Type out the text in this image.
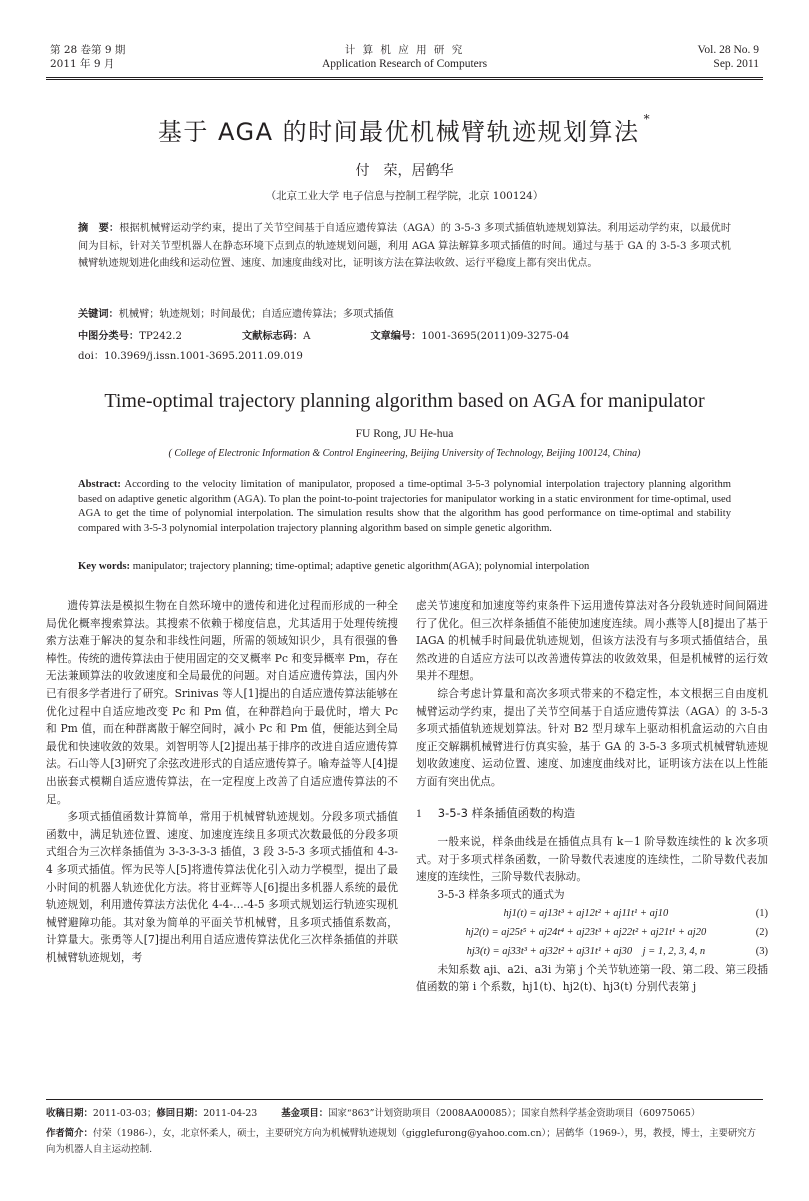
第 28 卷第 9 期
2011 年 9 月
计 算 机 应 用 研 究
Application Research of Computers
Vol. 28 No. 9
Sep. 2011
基于 AGA 的时间最优机械臂轨迹规划算法 *
付　荣，居鹤华
（北京工业大学 电子信息与控制工程学院，北京 100124）
摘　要：根据机械臂运动学约束，提出了关节空间基于自适应遗传算法（AGA）的 3-5-3 多项式插值轨迹规划算法。利用运动学约束，以最优时间为目标，针对关节型机器人在静态环境下点到点的轨迹规划问题，利用 AGA 算法解算多项式插值的时间。通过与基于 GA 的 3-5-3 多项式机械臂轨迹规划进化曲线和运动位置、速度、加速度曲线对比，证明该方法在算法收敛、运行平稳度上都有突出优点。
关键词：机械臂；轨迹规划；时间最优；自适应遗传算法；多项式插值
中图分类号：TP242.2	文献标志码：A	文章编号：1001-3695(2011)09-3275-04
doi：10.3969/j.issn.1001-3695.2011.09.019
Time-optimal trajectory planning algorithm based on AGA for manipulator
FU Rong, JU He-hua
( College of Electronic Information & Control Engineering, Beijing University of Technology, Beijing 100124, China)
Abstract: According to the velocity limitation of manipulator, proposed a time-optimal 3-5-3 polynomial interpolation trajectory planning algorithm based on adaptive genetic algorithm (AGA). To plan the point-to-point trajectories for manipulator working in a static environment for time-optimal, used AGA to get the time of polynomial interpolation. The simulation results show that the algorithm has good performance on time-optimal and stability compared with 3-5-3 polynomial interpolation trajectory planning algorithm based on simple genetic algorithm.
Key words: manipulator; trajectory planning; time-optimal; adaptive genetic algorithm(AGA); polynomial interpolation

遗传算法是模拟生物在自然环境中的遗传和进化过程而形成的一种全局优化概率搜索算法。其搜索不依赖于梯度信息，尤其适用于处理传统搜索方法难于解决的复杂和非线性问题，所需的领域知识少，具有很强的鲁棒性。传统的遗传算法由于使用固定的交叉概率 Pc 和变异概率 Pm，存在无法兼顾算法的收敛速度和全局最优的问题。对自适应遗传算法，国内外已有很多学者进行了研究。Srinivas 等人[1]提出的自适应遗传算法能够在优化过程中自适应地改变 Pc 和 Pm 值，在种群趋向于最优时，增大 Pc 和 Pm 值，而在种群离散于解空间时，减小 Pc 和 Pm 值，便能达到全局最优和快速收敛的效果。刘智明等人[2]提出基于排序的改进自适应遗传算法。石山等人[3]研究了余弦改进形式的自适应遗传算子。喻寿益等人[4]提出嵌套式模糊自适应遗传算法，在一定程度上改善了自适应遗传算法的不足。

多项式插值函数计算简单，常用于机械臂轨迹规划。分段多项式插值函数中，满足轨迹位置、速度、加速度连续且多项式次数最低的分段多项式组合为三次样条插值为 3-3-3-3-3 插值，3 段 3-5-3 多项式插值和 4-3-4 多项式插值。恽为民等人[5]将遗传算法优化引入动力学模型，提出了最小时间的机器人轨迹优化方法。将甘亚辉等人[6]提出多机器人系统的最优轨迹规划，利用遗传算法方法优化 4-4-…-4-5 多项式规划运行轨迹实现机械臂避障功能。其对象为简单的平面关节机械臂，且多项式插值系数高，计算量大。张勇等人[7]提出利用自适应遗传算法优化三次样条插值的并联机械臂轨迹规划，考

虑关节速度和加速度等约束条件下运用遗传算法对各分段轨迹时间间隔进行了优化。但三次样条插值不能使加速度连续。周小燕等人[8]提出了基于 IAGA 的机械手时间最优轨迹规划，但该方法没有与多项式插值结合，虽然改进的自适应方法可以改善遗传算法的收敛效果，但是机械臂的运行效果并不理想。

综合考虑计算量和高次多项式带来的不稳定性，本文根据三自由度机械臂运动学约束，提出了关节空间基于自适应遗传算法（AGA）的 3-5-3 多项式插值轨迹规划算法。针对 B2 型月球车上驱动相机盒运动的六自由度正交解耦机械臂进行仿真实验，基于 GA 的 3-5-3 多项式机械臂轨迹规划收敛速度、运动位置、速度、加速度曲线对比，证明该方法在以上性能方面有突出优点。

1 3-5-3 样条插值函数的构造

一般来说，样条曲线是在插值点具有 k－1 阶导数连续性的 k 次多项式。对于多项式样条函数，一阶导数代表速度的连续性，二阶导数代表加速度的连续性，三阶导数代表脉动。

3-5-3 样条多项式的通式为

hj1(t) = aj13t³ + aj12t² + aj11t¹ + aj10	(1)
hj2(t) = aj25t⁵ + aj24t⁴ + aj23t³ + aj22t² + aj21t¹ + aj20	(2)
hj3(t) = aj33t³ + aj32t² + aj31t¹ + aj30　j = 1, 2, 3, 4, n	(3)

未知系数 aji、a2i、a3i 为第 j 个关节轨迹第一段、第二段、第三段插值函数的第 i 个系数，hj1(t)、hj2(t)、hj3(t) 分别代表第 j

收稿日期：2011-03-03；修回日期：2011-04-23	基金项目：国家“863”计划资助项目（2008AA00085）；国家自然科学基金资助项目（60975065）
作者简介：付荣（1986-），女，北京怀柔人，硕士，主要研究方向为机械臂轨迹规划（gigglefurong@yahoo.com.cn）；居鹤华（1969-），男，教授，博士，主要研究方向为机器人自主运动控制.
